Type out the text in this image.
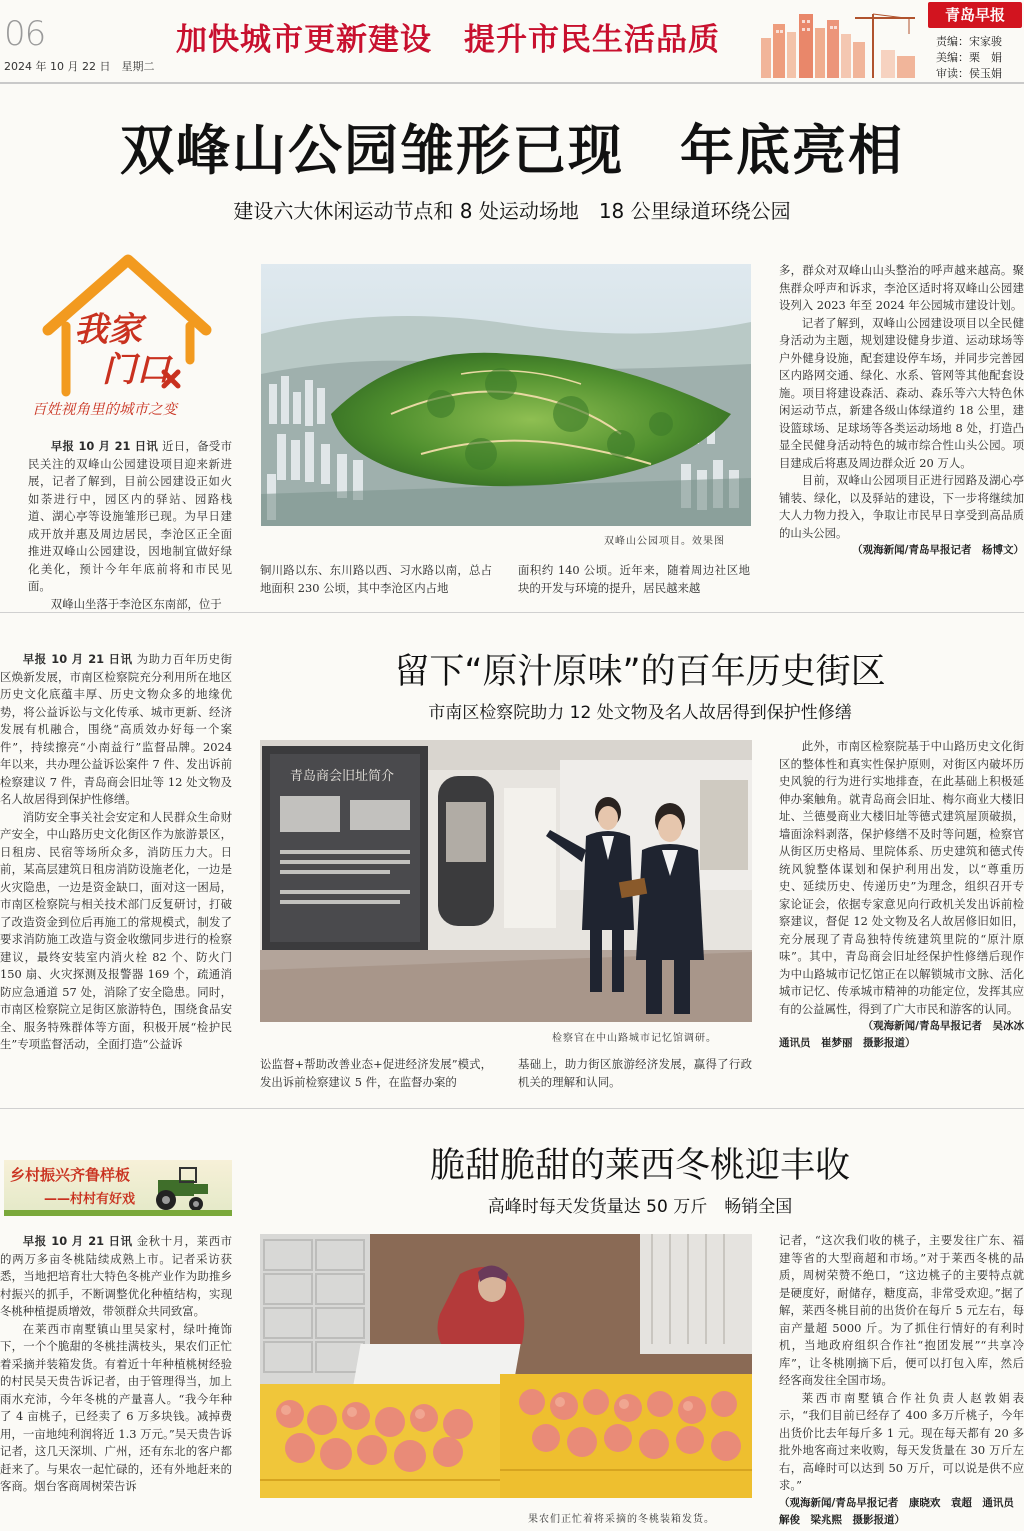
06
2024 年 10 月 22 日　星期二
加快城市更新建设　提升市民生活品质
青岛早报
责编：宋家骏
美编：栗　娟
审读：侯玉娟
双峰山公园雏形已现　年底亮相
建设六大休闲运动节点和 8 处运动场地　18 公里绿道环绕公园
我家
门口
百姓视角里的城市之变

早报 10 月 21 日讯 近日，备受市民关注的双峰山公园建设项目迎来新进展，记者了解到，目前公园建设正如火如荼进行中，园区内的驿站、园路栈道、湖心亭等设施雏形已现。为早日建成开放并惠及周边居民，李沧区正全面推进双峰山公园建设，因地制宜做好绿化美化，预计今年年底前将和市民见面。

双峰山坐落于李沧区东南部，位于

双峰山公园项目。效果图

铜川路以东、东川路以西、习水路以南，总占地面积 230 公顷，其中李沧区内占地

面积约 140 公顷。近年来，随着周边社区地块的开发与环境的提升，居民越来越

多，群众对双峰山山头整治的呼声越来越高。聚焦群众呼声和诉求，李沧区适时将双峰山公园建设列入 2023 年至 2024 年公园城市建设计划。

记者了解到，双峰山公园建设项目以全民健身活动为主题，规划建设健身步道、运动球场等户外健身设施，配套建设停车场，并同步完善园区内路网交通、绿化、水系、管网等其他配套设施。项目将建设森活、森动、森乐等六大特色休闲运动节点，新建各级山体绿道约 18 公里，建设篮球场、足球场等各类运动场地 8 处，打造凸显全民健身活动特色的城市综合性山头公园。项目建成后将惠及周边群众近 20 万人。

目前，双峰山公园项目正进行园路及湖心亭铺装、绿化，以及驿站的建设，下一步将继续加大人力物力投入，争取让市民早日享受到高品质的山头公园。

（观海新闻/青岛早报记者　杨博文）

留下“原汁原味”的百年历史街区
市南区检察院助力 12 处文物及名人故居得到保护性修缮

早报 10 月 21 日讯 为助力百年历史街区焕新发展，市南区检察院充分利用所在地区历史文化底蕴丰厚、历史文物众多的地缘优势，将公益诉讼与文化传承、城市更新、经济发展有机融合，围绕“高质效办好每一个案件”，持续擦亮“小南益行”监督品牌。2024 年以来，共办理公益诉讼案件 7 件、发出诉前检察建议 7 件，青岛商会旧址等 12 处文物及名人故居得到保护性修缮。

消防安全事关社会安定和人民群众生命财产安全，中山路历史文化街区作为旅游景区，日租房、民宿等场所众多，消防压力大。日前，某高层建筑日租房消防设施老化，一边是火灾隐患，一边是资金缺口，面对这一困局，市南区检察院与相关技术部门反复研讨，打破了改造资金到位后再施工的常规模式，制发了要求消防施工改造与资金收缴同步进行的检察建议，最终安装室内消火栓 82 个、防火门 150 扇、火灾探测及报警器 169 个，疏通消防应急通道 57 处，消除了安全隐患。同时，市南区检察院立足街区旅游特色，围绕食品安全、服务特殊群体等方面，积极开展“检护民生”专项监督活动，全面打造“公益诉

青岛商会旧址简介
检察官在中山路城市记忆馆调研。

讼监督+帮助改善业态+促进经济发展”模式，发出诉前检察建议 5 件，在监督办案的

基础上，助力街区旅游经济发展，赢得了行政机关的理解和认同。

此外，市南区检察院基于中山路历史文化街区的整体性和真实性保护原则，对街区内破坏历史风貌的行为进行实地排查，在此基础上积极延伸办案触角。就青岛商会旧址、梅尔商业大楼旧址、兰德曼商业大楼旧址等德式建筑屋顶破损，墙面涂料剥落，保护修缮不及时等问题，检察官从街区历史格局、里院体系、历史建筑和德式传统风貌整体谋划和保护利用出发，以“尊重历史、延续历史、传递历史”为理念，组织召开专家论证会，依据专家意见向行政机关发出诉前检察建议，督促 12 处文物及名人故居修旧如旧，充分展现了青岛独特传统建筑里院的“原汁原味”。其中，青岛商会旧址经保护性修缮后现作为中山路城市记忆馆正在以解锁城市文脉、活化城市记忆、传承城市精神的功能定位，发挥其应有的公益属性，得到了广大市民和游客的认同。

（观海新闻/青岛早报记者　吴冰冰

通讯员　崔梦丽　摄影报道）

脆甜脆甜的莱西冬桃迎丰收
高峰时每天发货量达 50 万斤　畅销全国
乡村振兴齐鲁样板
——村村有好戏

早报 10 月 21 日讯 金秋十月，莱西市的两万多亩冬桃陆续成熟上市。记者采访获悉，当地把培育壮大特色冬桃产业作为助推乡村振兴的抓手，不断调整优化种植结构，实现冬桃种植提质增效，带领群众共同致富。

在莱西市南墅镇山里吴家村，绿叶掩饰下，一个个脆甜的冬桃挂满枝头，果农们正忙着采摘并装箱发货。有着近十年种植桃树经验的村民吴天贵告诉记者，由于管理得当，加上雨水充沛，今年冬桃的产量喜人。“我今年种了 4 亩桃子，已经卖了 6 万多块钱。减掉费用，一亩地纯利润将近 1.3 万元。”吴天贵告诉记者，这几天深圳、广州，还有东北的客户都赶来了。与果农一起忙碌的，还有外地赶来的客商。烟台客商周树荣告诉

果农们正忙着将采摘的冬桃装箱发货。

记者，“这次我们收的桃子，主要发往广东、福建等省的大型商超和市场。”对于莱西冬桃的品质，周树荣赞不绝口，“这边桃子的主要特点就是硬度好，耐储存，糖度高，非常受欢迎。”据了解，莱西冬桃目前的出货价在每斤 5 元左右，每亩产量超 5000 斤。为了抓住行情好的有利时机，当地政府组织合作社“抱团发展”“共享冷库”，让冬桃刚摘下后，便可以打包入库，然后经客商发往全国市场。

莱西市南墅镇合作社负责人赵敦娟表示，“我们目前已经存了 400 多万斤桃子，今年出货价比去年每斤多 1 元。现在每天都有 20 多批外地客商过来收购，每天发货量在 30 万斤左右，高峰时可以达到 50 万斤，可以说是供不应求。”

（观海新闻/青岛早报记者　康晓欢　袁超　通讯员　解俊　梁兆熙　摄影报道）
